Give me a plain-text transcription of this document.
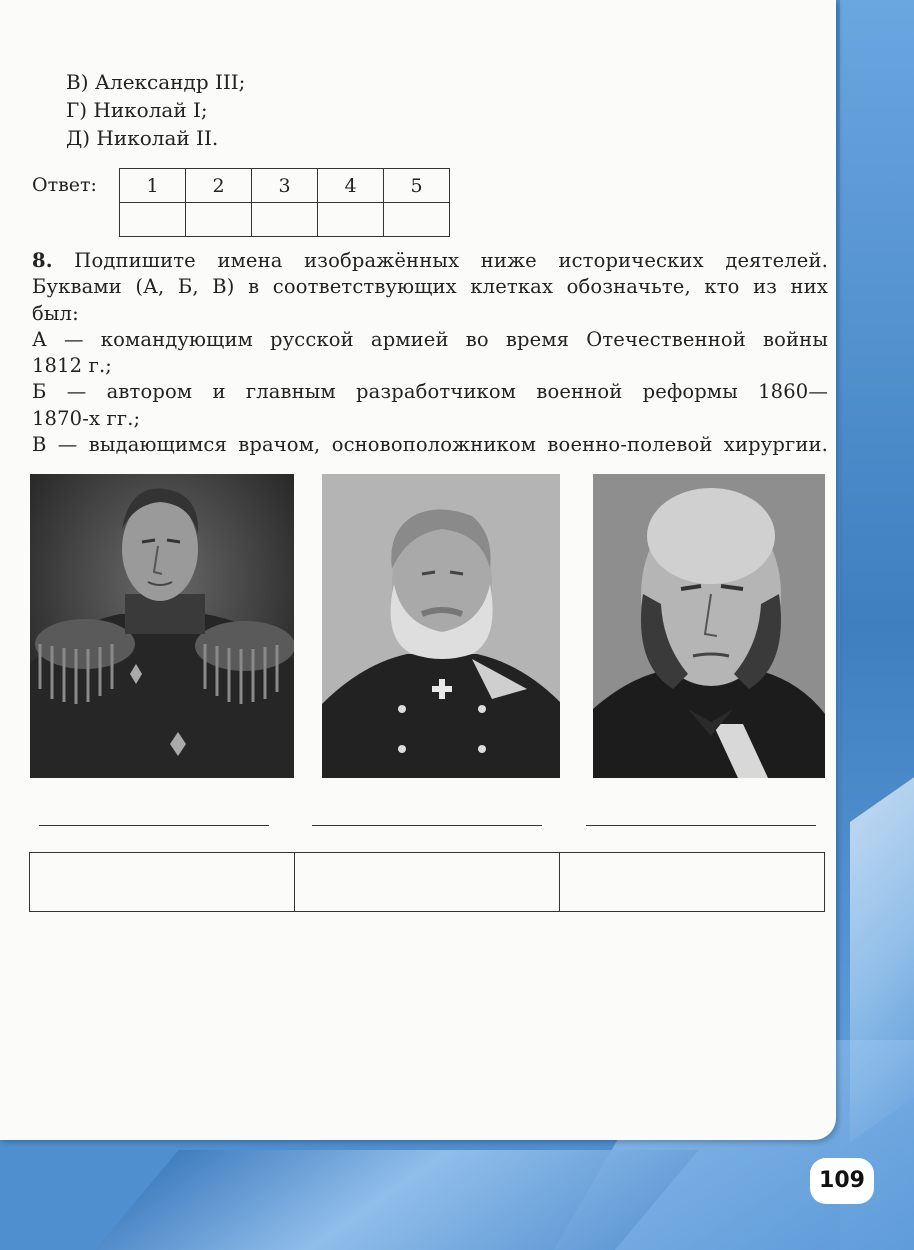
В) Александр III;
Г) Николай I;
Д) Николай II.
Ответ:	1	2	3	4	5

8. Подпишите имена изображённых ниже исторических деятелей.

Буквами (А, Б, В) в соответствующих клетках обозначьте, кто из них

был:

А — командующим русской армией во время Отечественной войны

1812 г.;

Б — автором и главным разработчиком военной реформы 1860—

1870-х гг.;

В — выдающимся врачом, основоположником военно-полевой хирургии.

109
